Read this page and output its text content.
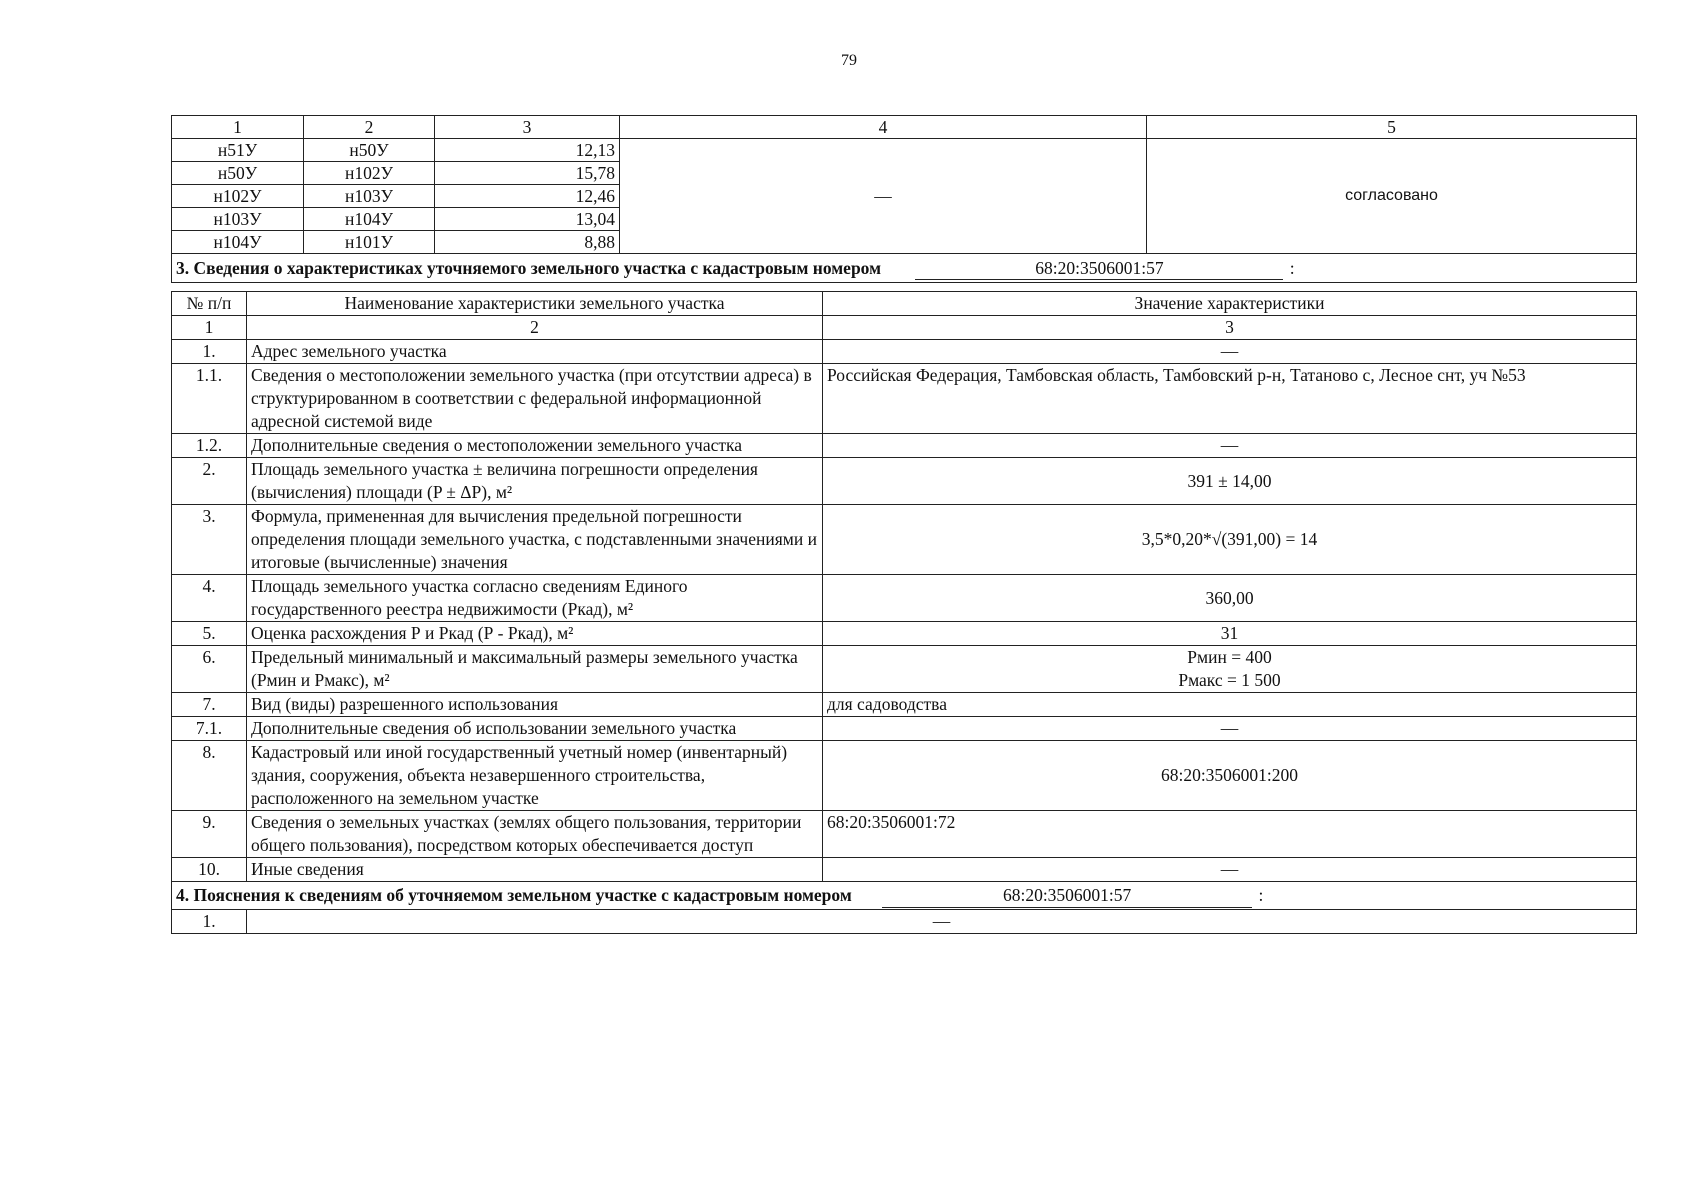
79
1	2	3	4	5
н51У	н50У	12,13	—	согласовано
н50У	н102У	15,78		
н102У	н103У	12,46		
н103У	н104У	13,04		
н104У	н101У	8,88		
3. Сведения о характеристиках уточняемого земельного участка с кадастровым номером 68:20:3506001:57 :				
№ п/п	Наименование характеристики земельного участка	Значение характеристики
1	2	3
1.	Адрес земельного участка	—
1.1.	Сведения о местоположении земельного участка (при отсутствии адреса) в структурированном в соответствии с федеральной информационной адресной системой виде	Российская Федерация, Тамбовская область, Тамбовский р-н, Татаново с, Лесное снт, уч №53
1.2.	Дополнительные сведения о местоположении земельного участка	—
2.	Площадь земельного участка ± величина погрешности определения (вычисления) площади (P ± ΔP), м²	391 ± 14,00
3.	Формула, примененная для вычисления предельной погрешности определения площади земельного участка, с подставленными значениями и итоговые (вычисленные) значения	3,5*0,20*√(391,00) = 14
4.	Площадь земельного участка согласно сведениям Единого государственного реестра недвижимости (Ркад), м²	360,00
5.	Оценка расхождения Р и Ркад (Р - Ркад), м²	31
6.	Предельный минимальный и максимальный размеры земельного участка (Рмин и Рмакс), м²	Рмин = 400
Рмакс = 1 500

7.	Вид (виды) разрешенного использования	для садоводства
7.1.	Дополнительные сведения об использовании земельного участка	—
8.	Кадастровый или иной государственный учетный номер (инвентарный) здания, сооружения, объекта незавершенного строительства, расположенного на земельном участке	68:20:3506001:200
9.	Сведения о земельных участках (землях общего пользования, территории общего пользования), посредством которых обеспечивается доступ	68:20:3506001:72
10.	Иные сведения	—
4. Пояснения к сведениям об уточняемом земельном участке с кадастровым номером 68:20:3506001:57 :		
1.	—	
